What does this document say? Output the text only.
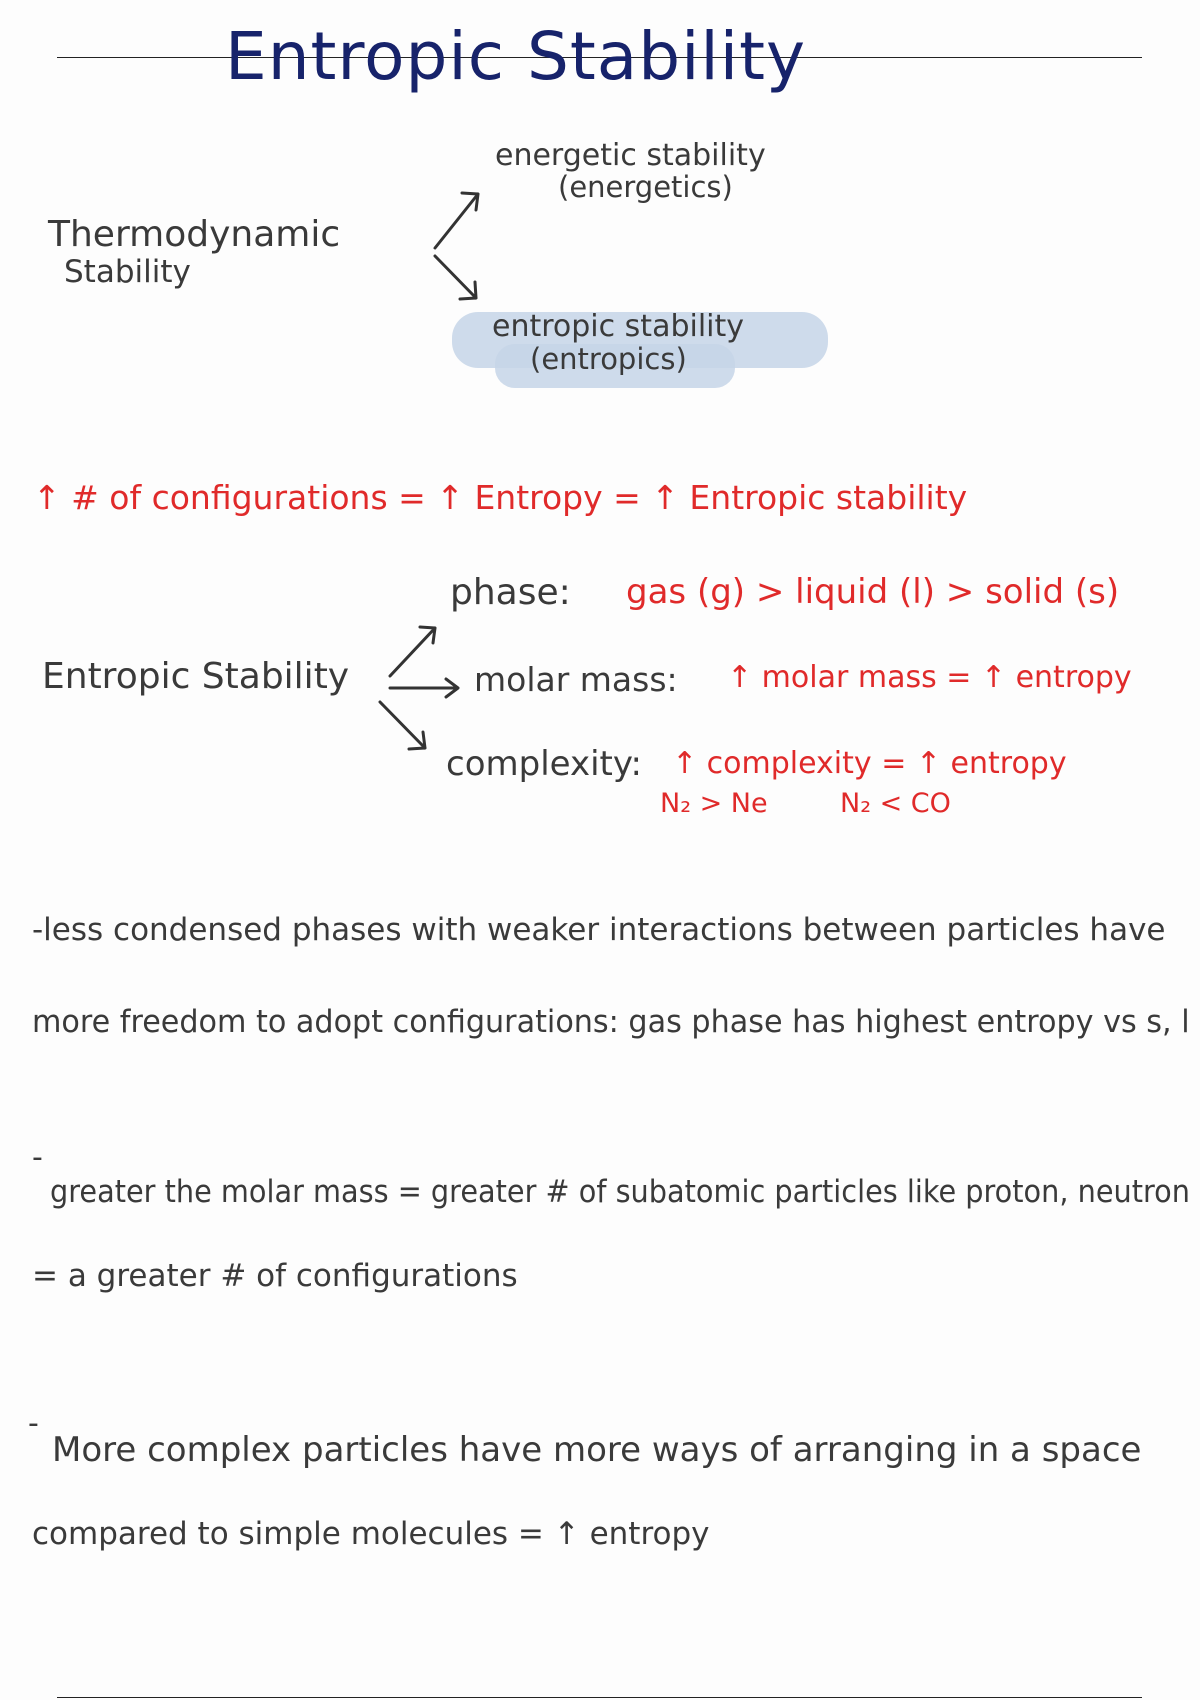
Entropic Stability
Thermodynamic
Stability
energetic stability
(energetics)
entropic stability
(entropics)
↑ # of configurations = ↑ Entropy = ↑ Entropic stability
Entropic Stability
phase: gas (g) > liquid (l) > solid (s)
molar mass: ↑ molar mass = ↑ entropy
complexity: ↑ complexity = ↑ entropy
N₂ > Ne	N₂ < CO
-less condensed phases with weaker interactions between particles have
more freedom to adopt configurations: gas phase has highest entropy vs s, l
-
greater the molar mass = greater # of subatomic particles like proton, neutron
= a greater # of configurations
-
More complex particles have more ways of arranging in a space
compared to simple molecules = ↑ entropy
